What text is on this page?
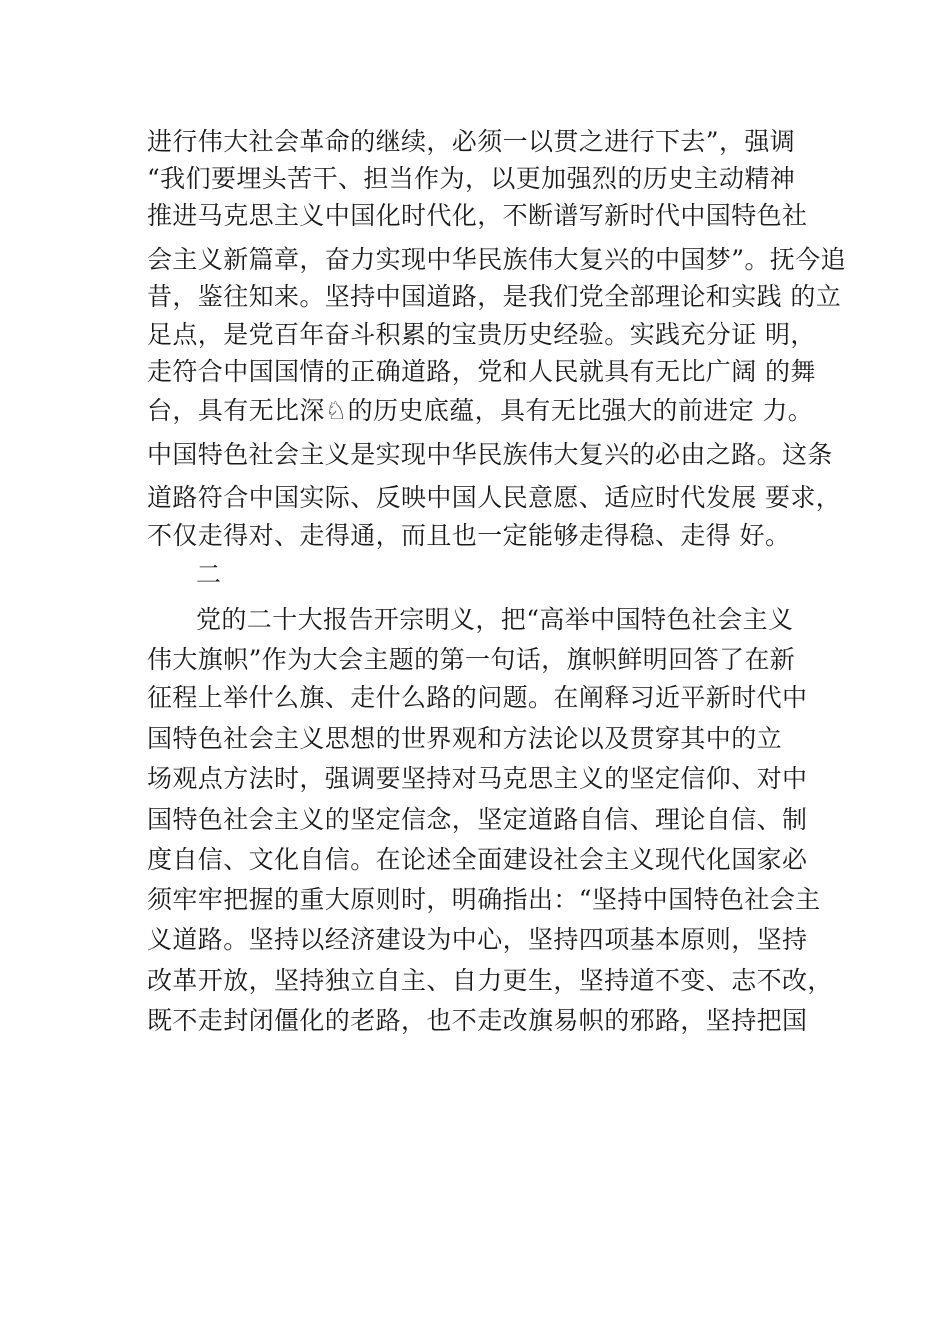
进行伟大社会革命的继续，必须一以贯之进行下去”，强调
“我们要埋头苦干、担当作为，以更加强烈的历史主动精神
推进马克思主义中国化时代化，不断谱写新时代中国特色社
会主义新篇章，奋力实现中华民族伟大复兴的中国梦”。抚今追
昔，鉴往知来。坚持中国道路，是我们党全部理论和实践 的立
足点，是党百年奋斗积累的宝贵历史经验。实践充分证 明，
走符合中国国情的正确道路，党和人民就具有无比广阔 的舞
台，具有无比深♘的历史底蕴，具有无比强大的前进定 力。
中国特色社会主义是实现中华民族伟大复兴的必由之路。这条
道路符合中国实际、反映中国人民意愿、适应时代发展 要求，
不仅走得对、走得通，而且也一定能够走得稳、走得 好。
二
党的二十大报告开宗明义，把“高举中国特色社会主义
伟大旗帜”作为大会主题的第一句话，旗帜鲜明回答了在新
征程上举什么旗、走什么路的问题。在阐释习近平新时代中
国特色社会主义思想的世界观和方法论以及贯穿其中的立
场观点方法时，强调要坚持对马克思主义的坚定信仰、对中
国特色社会主义的坚定信念，坚定道路自信、理论自信、制
度自信、文化自信。在论述全面建设社会主义现代化国家必
须牢牢把握的重大原则时，明确指出：“坚持中国特色社会主
义道路。坚持以经济建设为中心，坚持四项基本原则，坚持
改革开放，坚持独立自主、自力更生，坚持道不变、志不改，
既不走封闭僵化的老路，也不走改旗易帜的邪路，坚持把国
